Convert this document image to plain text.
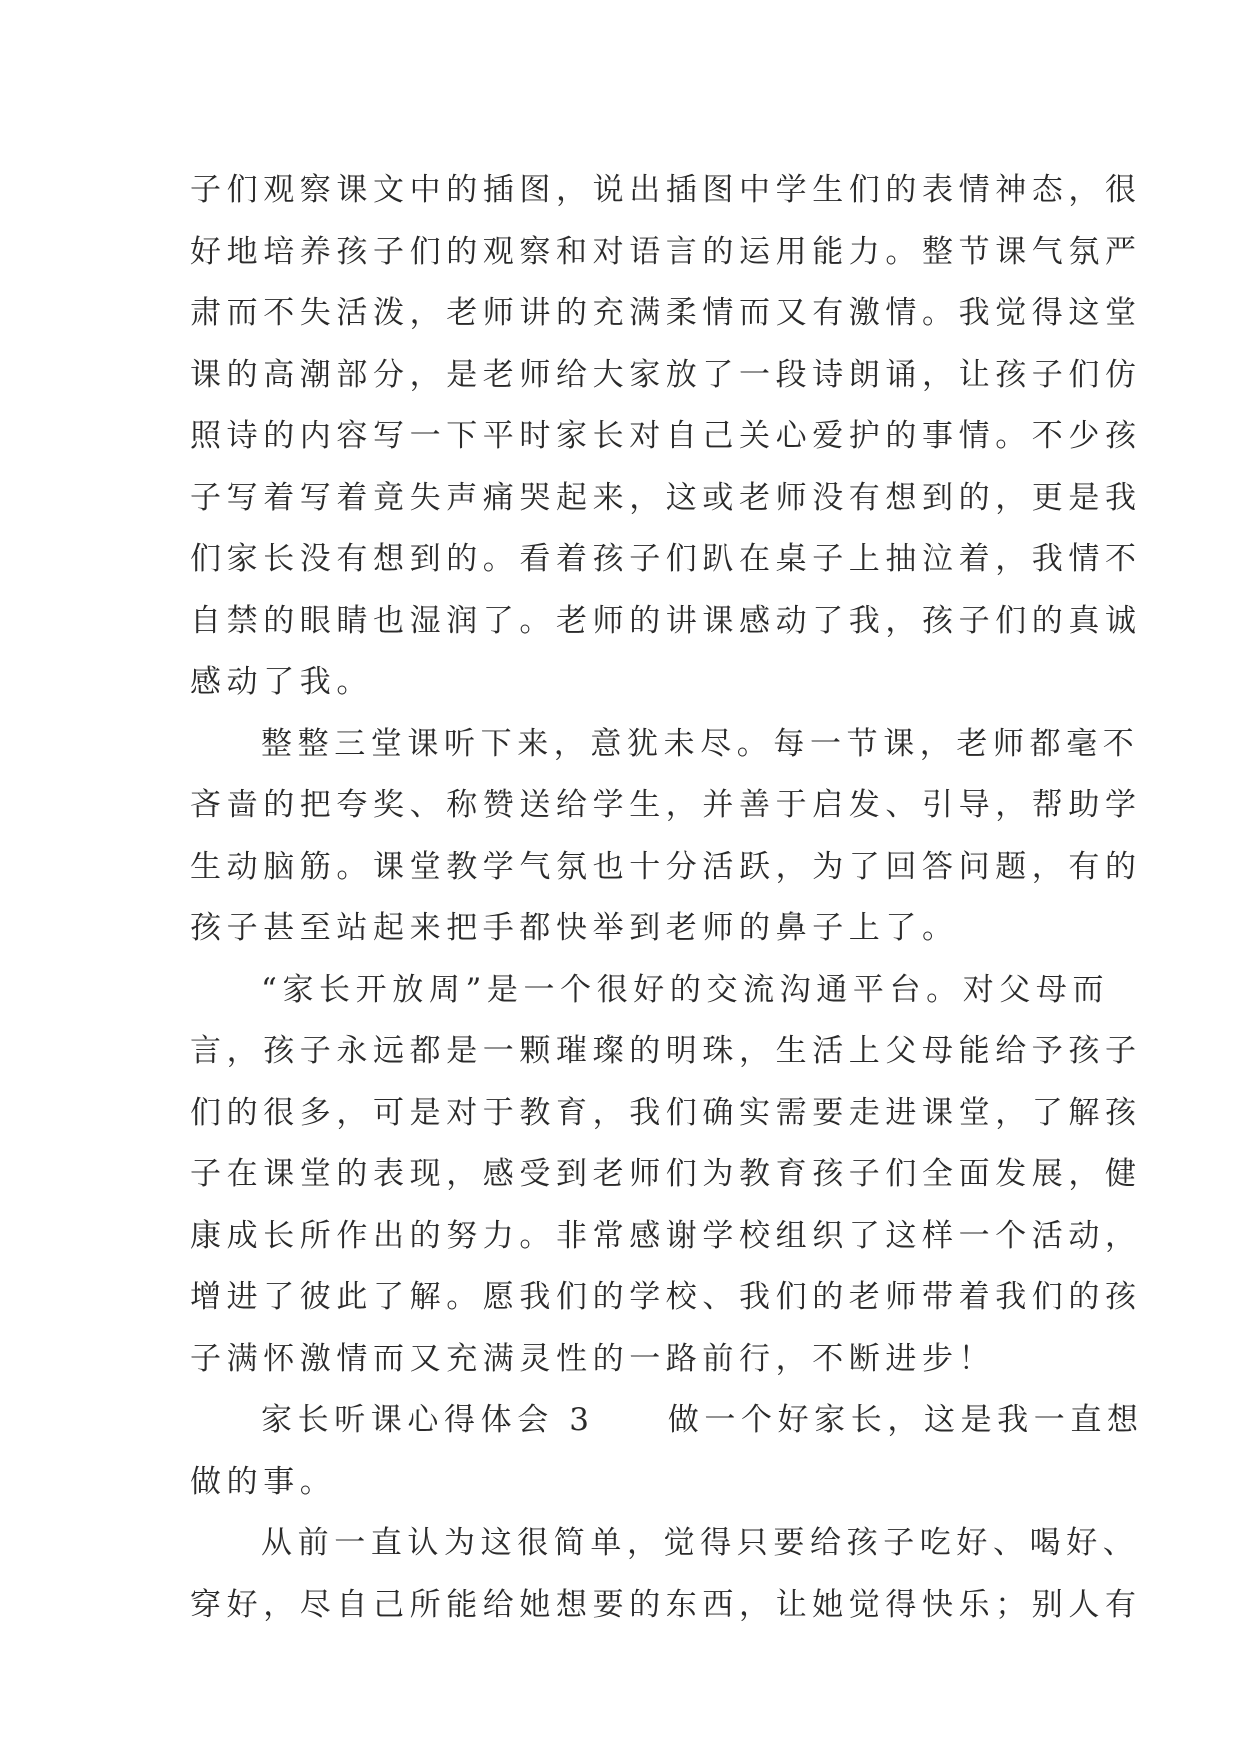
子们观察课文中的插图，说出插图中学生们的表情神态，很
好地培养孩子们的观察和对语言的运用能力。整节课气氛严
肃而不失活泼，老师讲的充满柔情而又有激情。我觉得这堂
课的高潮部分，是老师给大家放了一段诗朗诵，让孩子们仿
照诗的内容写一下平时家长对自己关心爱护的事情。不少孩
子写着写着竟失声痛哭起来，这或老师没有想到的，更是我
们家长没有想到的。看着孩子们趴在桌子上抽泣着，我情不
自禁的眼睛也湿润了。老师的讲课感动了我，孩子们的真诚
感动了我。
整整三堂课听下来，意犹未尽。每一节课，老师都毫不
吝啬的把夸奖、称赞送给学生，并善于启发、引导，帮助学
生动脑筋。课堂教学气氛也十分活跃，为了回答问题，有的
孩子甚至站起来把手都快举到老师的鼻子上了。
“家长开放周”是一个很好的交流沟通平台。对父母而
言，孩子永远都是一颗璀璨的明珠，生活上父母能给予孩子
们的很多，可是对于教育，我们确实需要走进课堂，了解孩
子在课堂的表现，感受到老师们为教育孩子们全面发展，健
康成长所作出的努力。非常感谢学校组织了这样一个活动，
增进了彼此了解。愿我们的学校、我们的老师带着我们的孩
子满怀激情而又充满灵性的一路前行，不断进步！
家长听课心得体会 3　　做一个好家长，这是我一直想
做的事。
从前一直认为这很简单，觉得只要给孩子吃好、喝好、
穿好，尽自己所能给她想要的东西，让她觉得快乐；别人有
